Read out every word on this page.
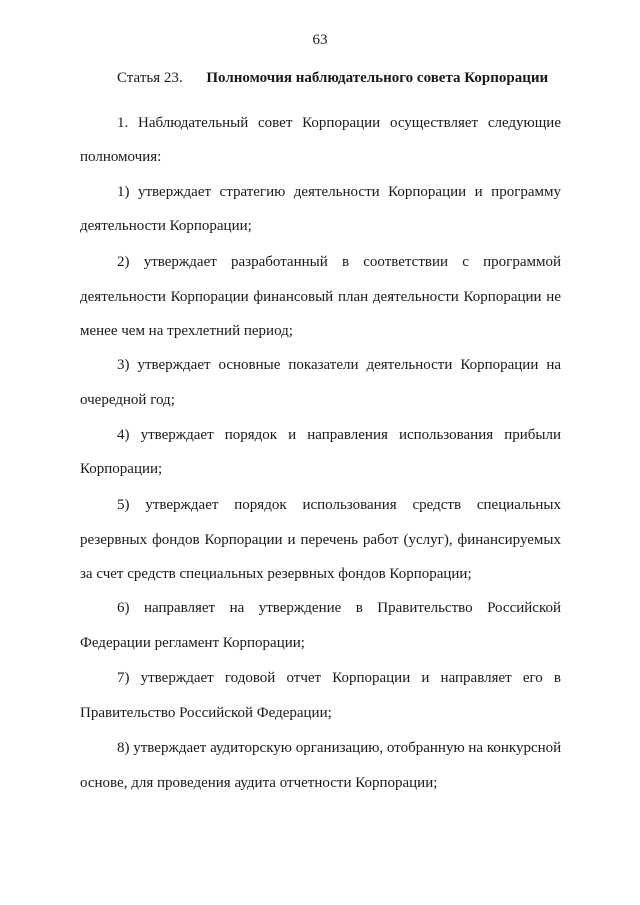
63
Статья 23. Полномочия наблюдательного совета Корпорации
1. Наблюдательный совет Корпорации осуществляет следующие
полномочия:
1) утверждает стратегию деятельности Корпорации и программу
деятельности Корпорации;
2) утверждает разработанный в соответствии с программой
деятельности Корпорации финансовый план деятельности Корпорации не
менее чем на трехлетний период;
3) утверждает основные показатели деятельности Корпорации на
очередной год;
4) утверждает порядок и направления использования прибыли
Корпорации;
5) утверждает порядок использования средств специальных
резервных фондов Корпорации и перечень работ (услуг), финансируемых
за счет средств специальных резервных фондов Корпорации;
6) направляет на утверждение в Правительство Российской
Федерации регламент Корпорации;
7) утверждает годовой отчет Корпорации и направляет его в
Правительство Российской Федерации;
8) утверждает аудиторскую организацию, отобранную на конкурсной
основе, для проведения аудита отчетности Корпорации;
